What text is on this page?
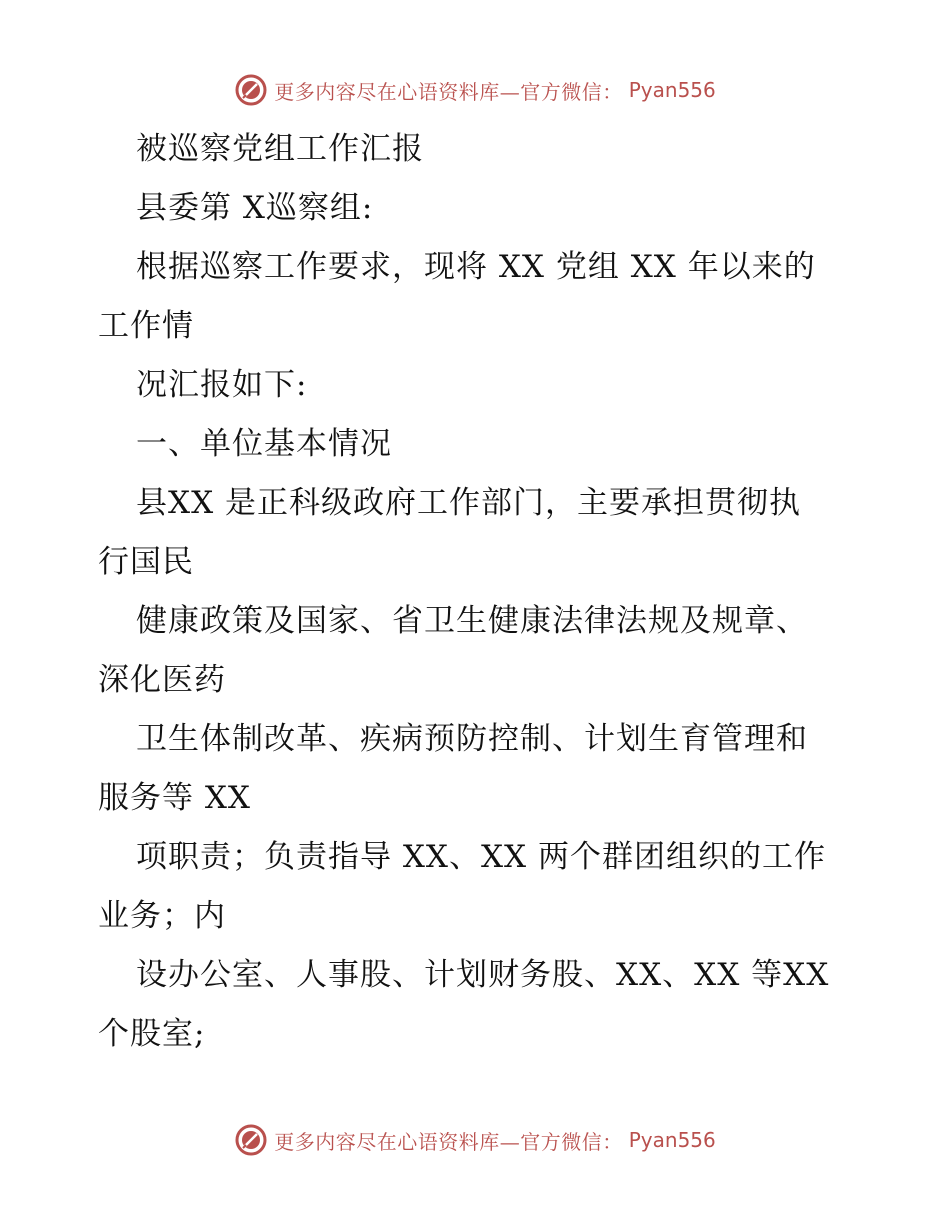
更多内容尽在心语资料库—官方微信： Pyan556
被巡察党组工作汇报
县委第 X巡察组:
根据巡察工作要求，现将 XX 党组 XX 年以来的
工作情
况汇报如下:
一、单位基本情况
县XX 是正科级政府工作部门，主要承担贯彻执
行国民
健康政策及国家、省卫生健康法律法规及规章、
深化医药
卫生体制改革、疾病预防控制、计划生育管理和
服务等 XX
项职责；负责指导 XX、XX 两个群团组织的工作
业务；内
设办公室、人事股、计划财务股、XX、XX 等XX
个股室;
更多内容尽在心语资料库—官方微信： Pyan556
